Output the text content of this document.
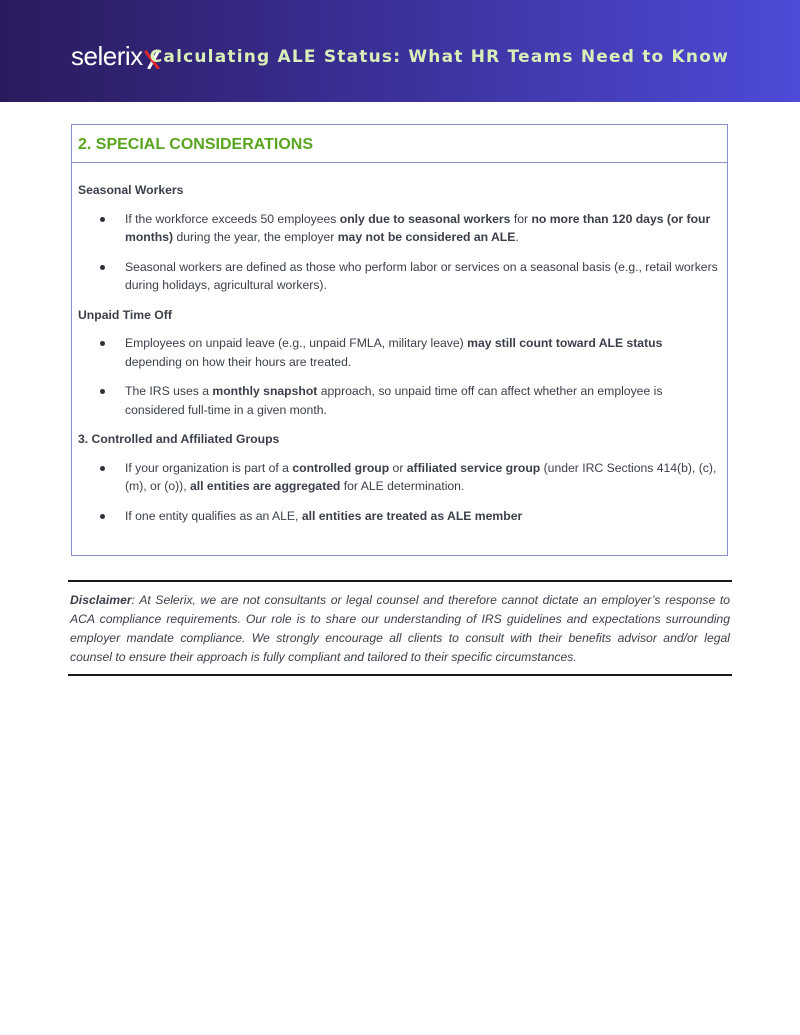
selerix Calculating ALE Status: What HR Teams Need to Know
2. SPECIAL CONSIDERATIONS
Seasonal Workers
If the workforce exceeds 50 employees only due to seasonal workers for no more than 120 days (or four months) during the year, the employer may not be considered an ALE.
Seasonal workers are defined as those who perform labor or services on a seasonal basis (e.g., retail workers during holidays, agricultural workers).
Unpaid Time Off
Employees on unpaid leave (e.g., unpaid FMLA, military leave) may still count toward ALE status depending on how their hours are treated.
The IRS uses a monthly snapshot approach, so unpaid time off can affect whether an employee is considered full-time in a given month.
3. Controlled and Affiliated Groups
If your organization is part of a controlled group or affiliated service group (under IRC Sections 414(b), (c), (m), or (o)), all entities are aggregated for ALE determination.
If one entity qualifies as an ALE, all entities are treated as ALE member
Disclaimer: At Selerix, we are not consultants or legal counsel and therefore cannot dictate an employer’s response to ACA compliance requirements. Our role is to share our understanding of IRS guidelines and expectations surrounding employer mandate compliance. We strongly encourage all clients to consult with their benefits advisor and/or legal counsel to ensure their approach is fully compliant and tailored to their specific circumstances.
